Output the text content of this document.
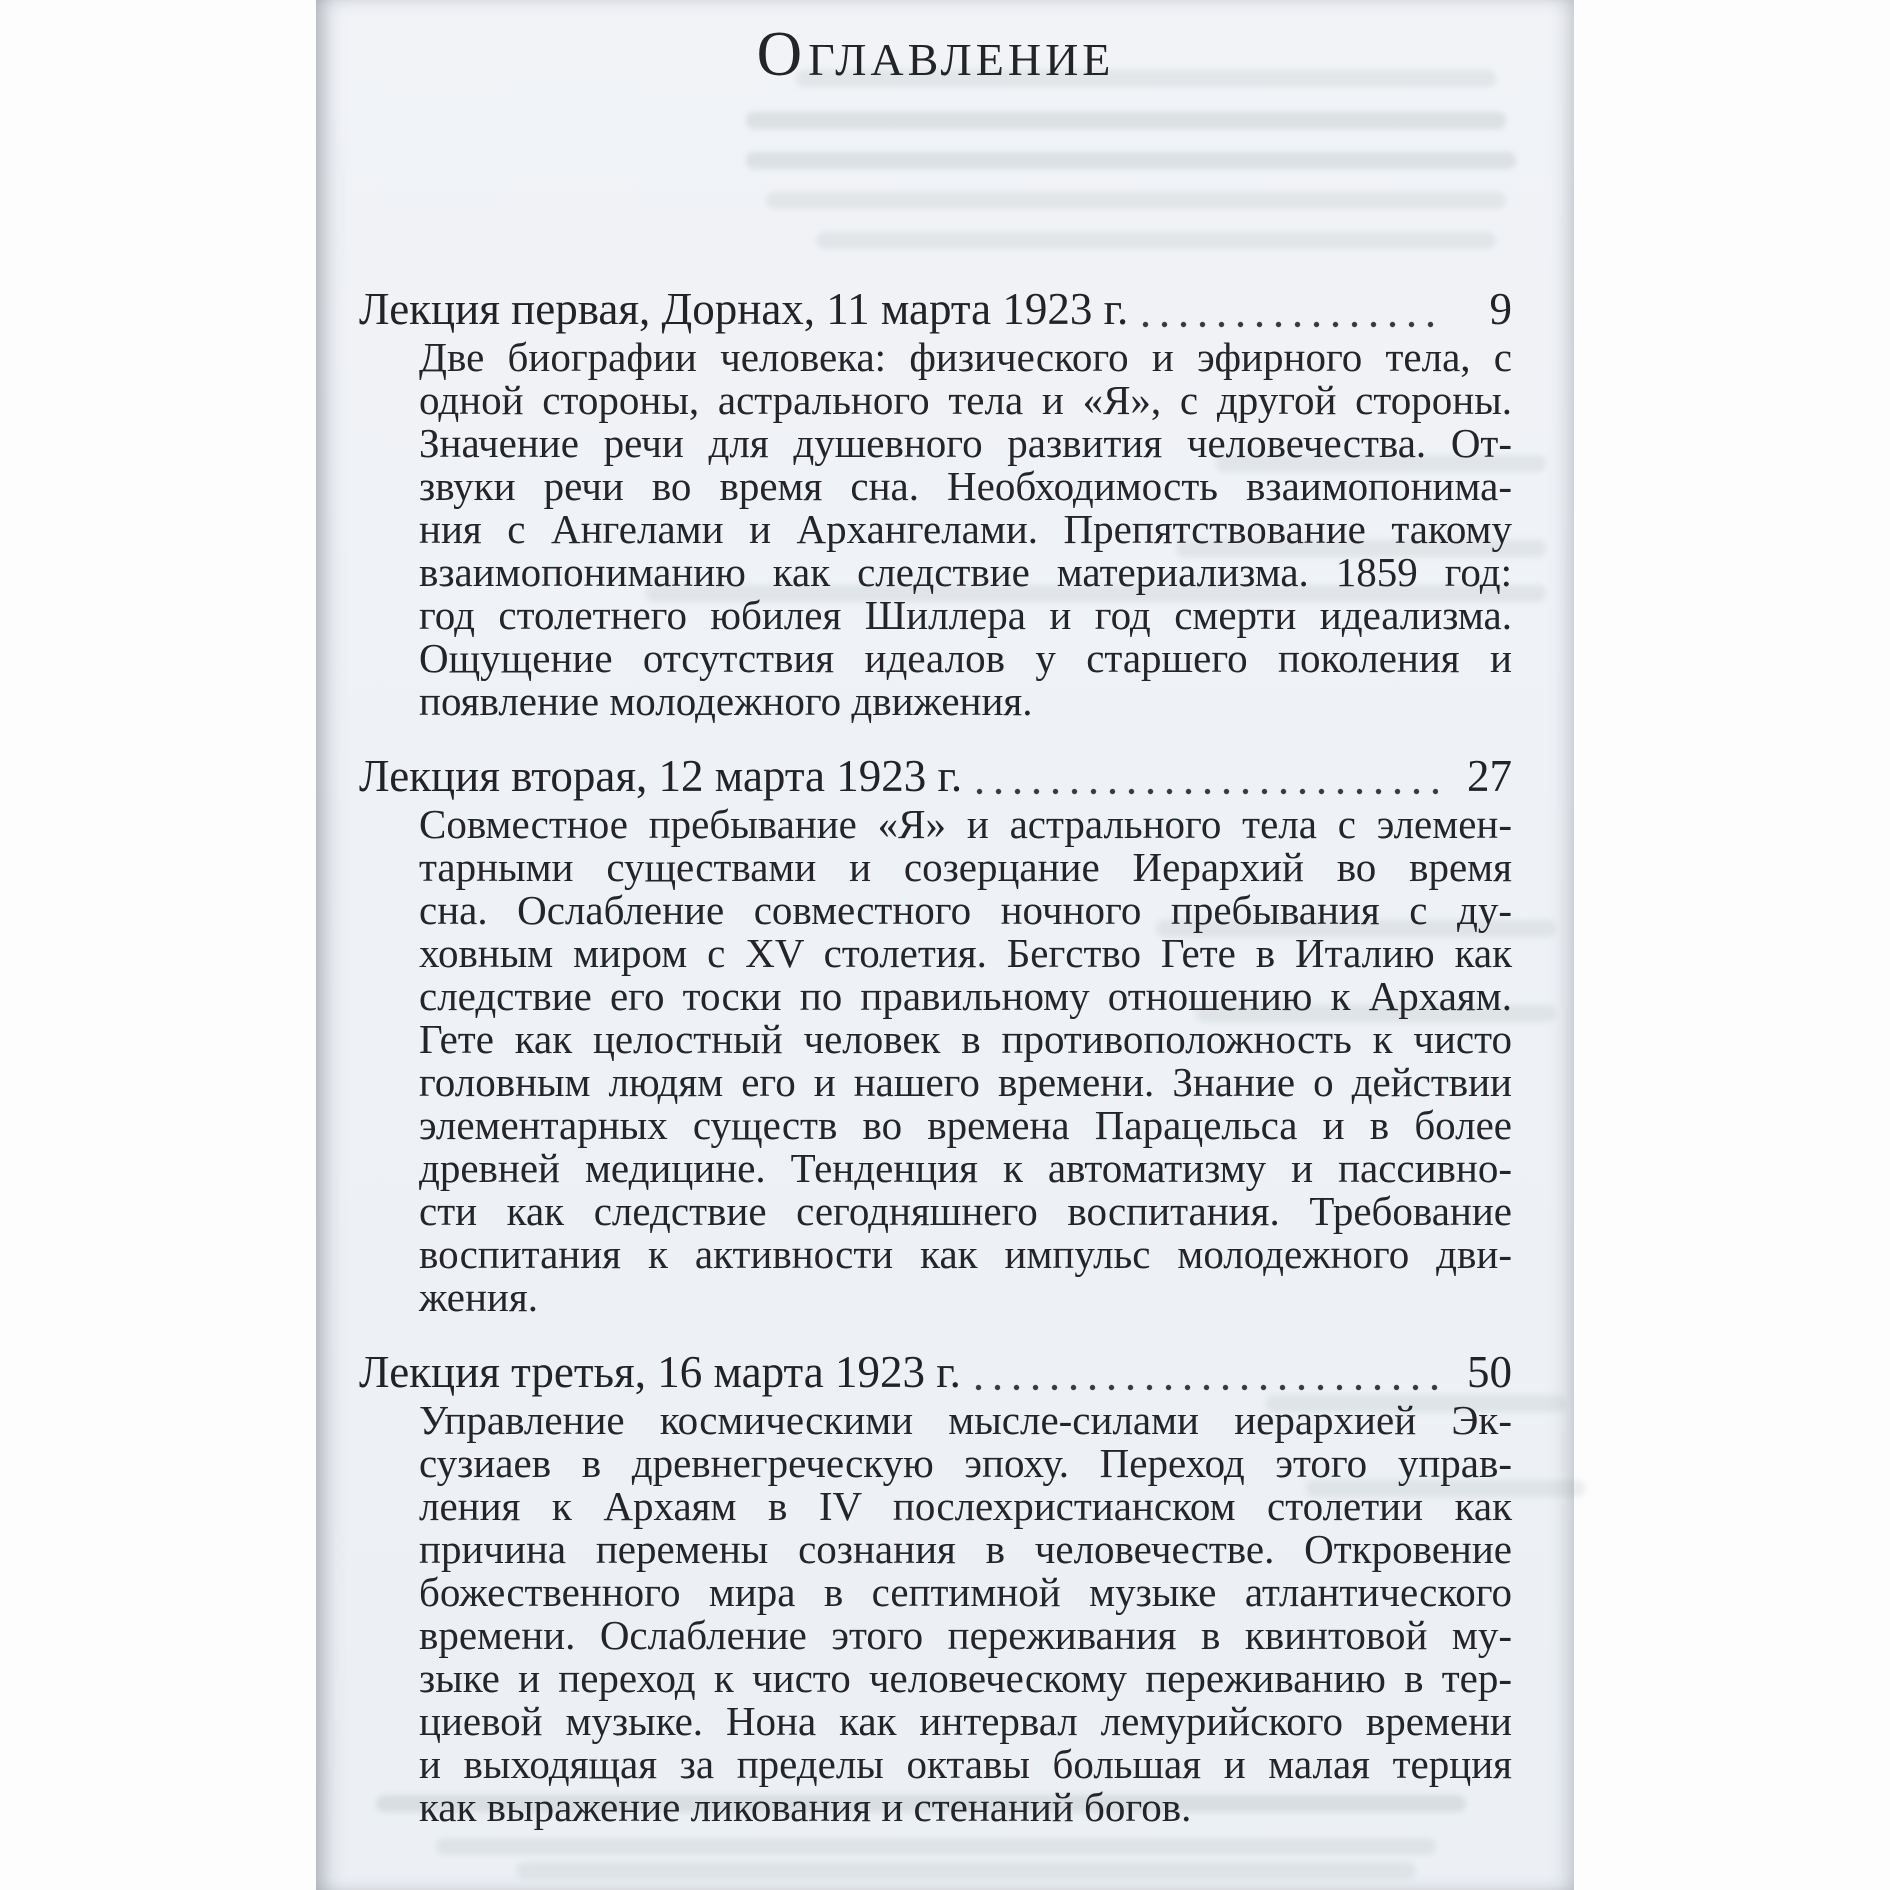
ОГЛАВЛЕНИЕ
Лекция первая, Дорнах, 11 марта 1923 г.	9
Две биографии человека: физического и эфирного тела, с
одной стороны, астрального тела и «Я», с другой стороны.
Значение речи для душевного развития человечества. От-
звуки речи во время сна. Необходимость взаимопонима-
ния с Ангелами и Архангелами. Препятствование такому
взаимопониманию как следствие материализма. 1859 год:
год столетнего юбилея Шиллера и год смерти идеализма.
Ощущение отсутствия идеалов у старшего поколения и
появление молодежного движения.
Лекция вторая, 12 марта 1923 г.	27
Совместное пребывание «Я» и астрального тела с элемен-
тарными существами и созерцание Иерархий во время
сна. Ослабление совместного ночного пребывания с ду-
ховным миром с XV столетия. Бегство Гете в Италию как
следствие его тоски по правильному отношению к Архаям.
Гете как целостный человек в противоположность к чисто
головным людям его и нашего времени. Знание о действии
элементарных существ во времена Парацельса и в более
древней медицине. Тенденция к автоматизму и пассивно-
сти как следствие сегодняшнего воспитания. Требование
воспитания к активности как импульс молодежного дви-
жения.
Лекция третья, 16 марта 1923 г.	50
Управление космическими мысле-силами иерархией Эк-
сузиаев в древнегреческую эпоху. Переход этого управ-
ления к Архаям в IV послехристианском столетии как
причина перемены сознания в человечестве. Откровение
божественного мира в септимной музыке атлантического
времени. Ослабление этого переживания в квинтовой му-
зыке и переход к чисто человеческому переживанию в тер-
циевой музыке. Нона как интервал лемурийского времени
и выходящая за пределы октавы большая и малая терция
как выражение ликования и стенаний богов.
